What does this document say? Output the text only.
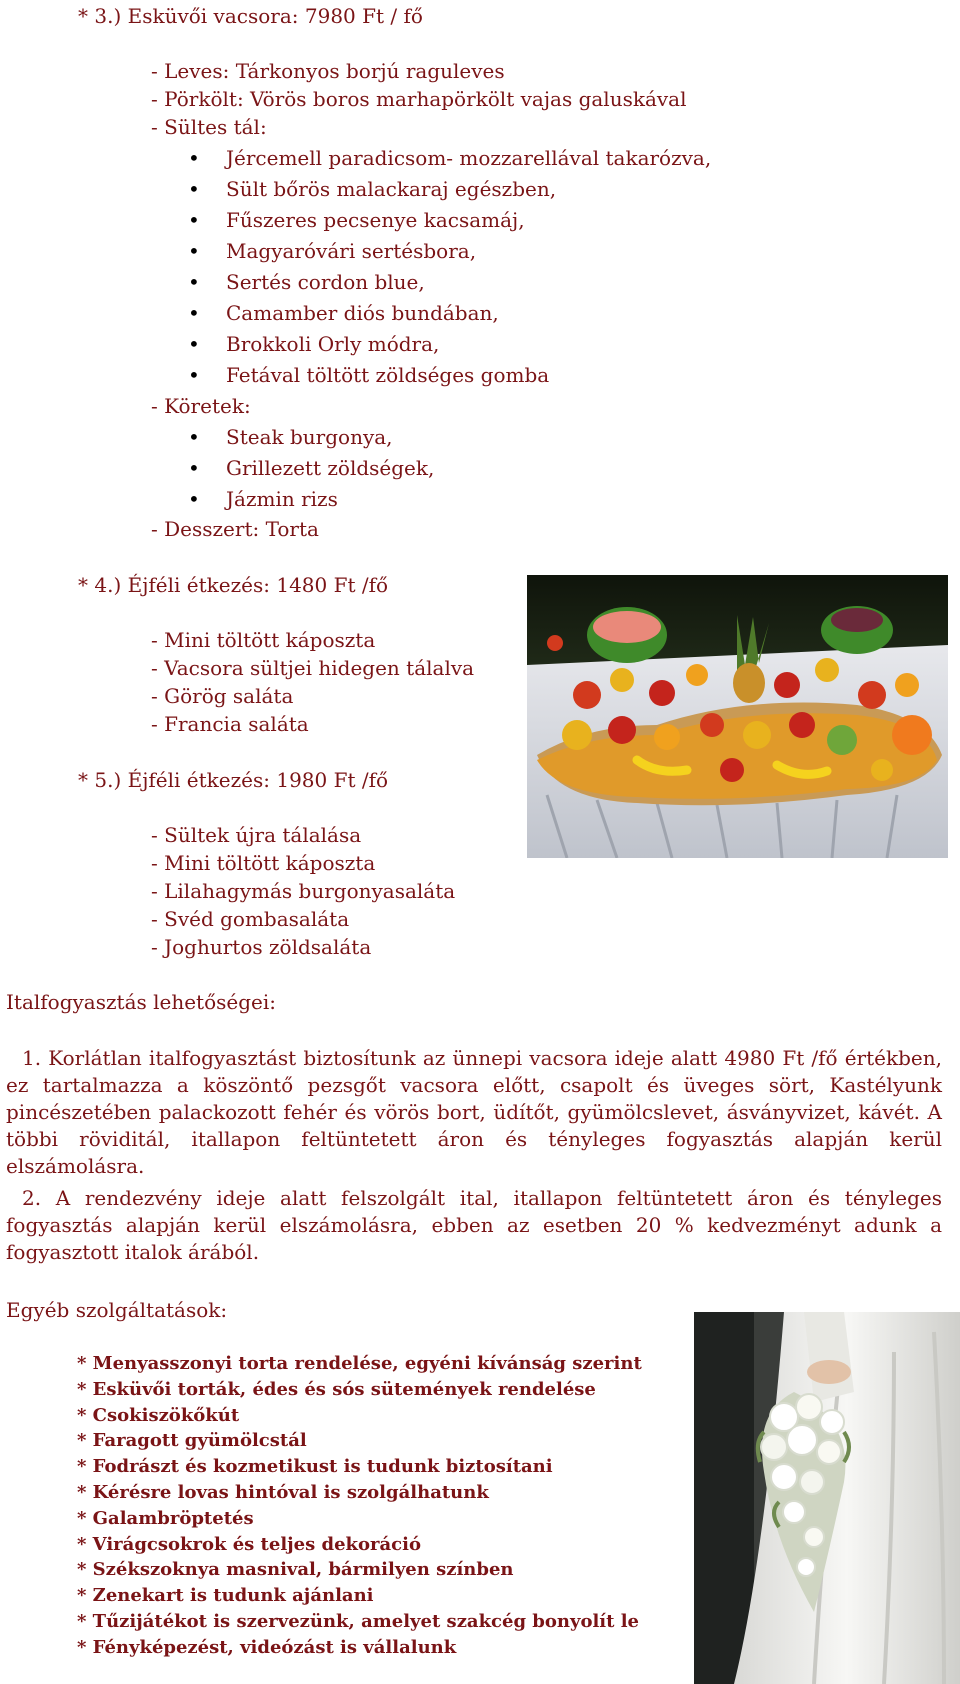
* 3.) Esküvői vacsora: 7980 Ft / fő

- Leves: Tárkonyos borjú raguleves

- Pörkölt: Vörös boros marhapörkölt vajas galuskával

- Sültes tál:

• Jércemell paradicsom- mozzarellával takarózva,

• Sült bőrös malackaraj egészben,

• Fűszeres pecsenye kacsamáj,

• Magyaróvári sertésbora,

• Sertés cordon blue,

• Camamber diós bundában,

• Brokkoli Orly módra,

• Fetával töltött zöldséges gomba

- Köretek:

• Steak burgonya,

• Grillezett zöldségek,

• Jázmin rizs

- Desszert: Torta

* 4.) Éjféli étkezés: 1480 Ft /fő

- Mini töltött káposzta

- Vacsora sültjei hidegen tálalva

- Görög saláta

- Francia saláta

* 5.) Éjféli étkezés: 1980 Ft /fő

- Sültek újra tálalása

- Mini töltött káposzta

- Lilahagymás burgonyasaláta

- Svéd gombasaláta

- Joghurtos zöldsaláta

Italfogyasztás lehetőségei:

1. Korlátlan italfogyasztást biztosítunk az ünnepi vacsora ideje alatt 4980 Ft /fő értékben, ez tartalmazza a köszöntő pezsgőt vacsora előtt, csapolt és üveges sört, Kastélyunk pincészetében palackozott fehér és vörös bort, üdítőt, gyümölcslevet, ásványvizet, kávét. A többi röviditál, itallapon feltüntetett áron és tényleges fogyasztás alapján kerül elszámolásra.

2. A rendezvény ideje alatt felszolgált ital, itallapon feltüntetett áron és tényleges fogyasztás alapján kerül elszámolásra, ebben az esetben 20 % kedvezményt adunk a fogyasztott italok árából.

Egyéb szolgáltatások:

* Menyasszonyi torta rendelése, egyéni kívánság szerint
* Esküvői torták, édes és sós sütemények rendelése
* Csokiszökőkút
* Faragott gyümölcstál
* Fodrászt és kozmetikust is tudunk biztosítani
* Kérésre lovas hintóval is szolgálhatunk
* Galambröptetés
* Virágcsokrok és teljes dekoráció
* Székszoknya masnival, bármilyen színben
* Zenekart is tudunk ajánlani
* Tűzijátékot is szervezünk, amelyet szakcég bonyolít le
* Fényképezést, videózást is vállalunk
